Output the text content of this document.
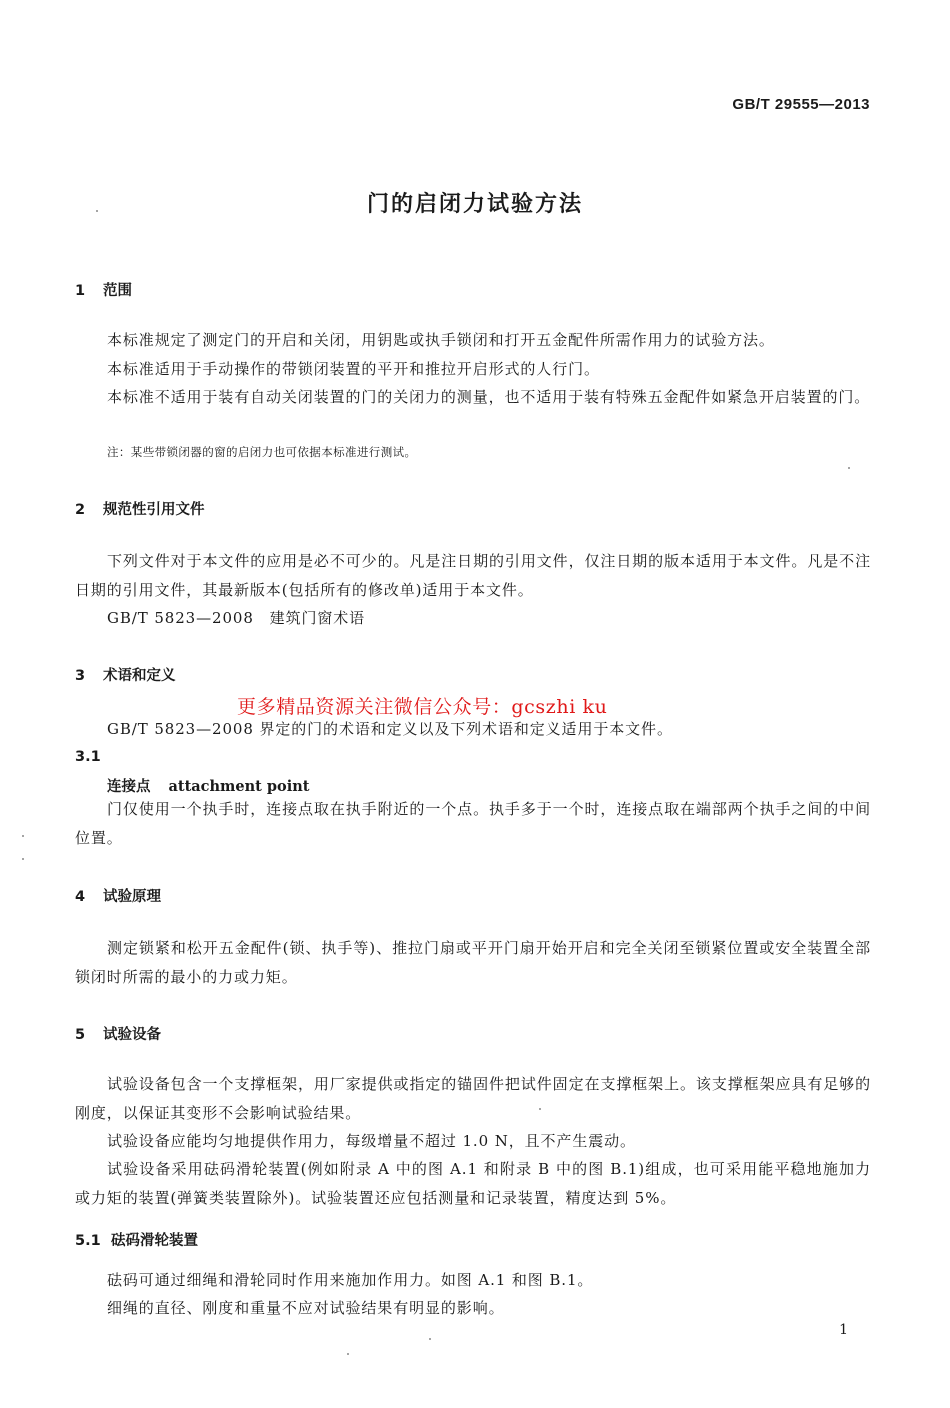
GB/T 29555—2013
门的启闭力试验方法
1 范围
本标准规定了测定门的开启和关闭，用钥匙或执手锁闭和打开五金配件所需作用力的试验方法。
本标准适用于手动操作的带锁闭装置的平开和推拉开启形式的人行门。
本标准不适用于装有自动关闭装置的门的关闭力的测量，也不适用于装有特殊五金配件如紧急开启装置的门。
注：某些带锁闭器的窗的启闭力也可依据本标准进行测试。
2 规范性引用文件
下列文件对于本文件的应用是必不可少的。凡是注日期的引用文件，仅注日期的版本适用于本文件。凡是不注日期的引用文件，其最新版本(包括所有的修改单)适用于本文件。
GB/T 5823—2008　建筑门窗术语
3 术语和定义
更多精品资源关注微信公众号：gcszhi ku
GB/T 5823—2008 界定的门的术语和定义以及下列术语和定义适用于本文件。
3.1
连接点 attachment point
门仅使用一个执手时，连接点取在执手附近的一个点。执手多于一个时，连接点取在端部两个执手之间的中间位置。
4 试验原理
测定锁紧和松开五金配件(锁、执手等)、推拉门扇或平开门扇开始开启和完全关闭至锁紧位置或安全装置全部锁闭时所需的最小的力或力矩。
5 试验设备
试验设备包含一个支撑框架，用厂家提供或指定的锚固件把试件固定在支撑框架上。该支撑框架应具有足够的刚度，以保证其变形不会影响试验结果。
试验设备应能均匀地提供作用力，每级增量不超过 1.0 N，且不产生震动。
试验设备采用砝码滑轮装置(例如附录 A 中的图 A.1 和附录 B 中的图 B.1)组成，也可采用能平稳地施加力或力矩的装置(弹簧类装置除外)。试验装置还应包括测量和记录装置，精度达到 5%。
5.1 砝码滑轮装置
砝码可通过细绳和滑轮同时作用来施加作用力。如图 A.1 和图 B.1。
细绳的直径、刚度和重量不应对试验结果有明显的影响。
1
